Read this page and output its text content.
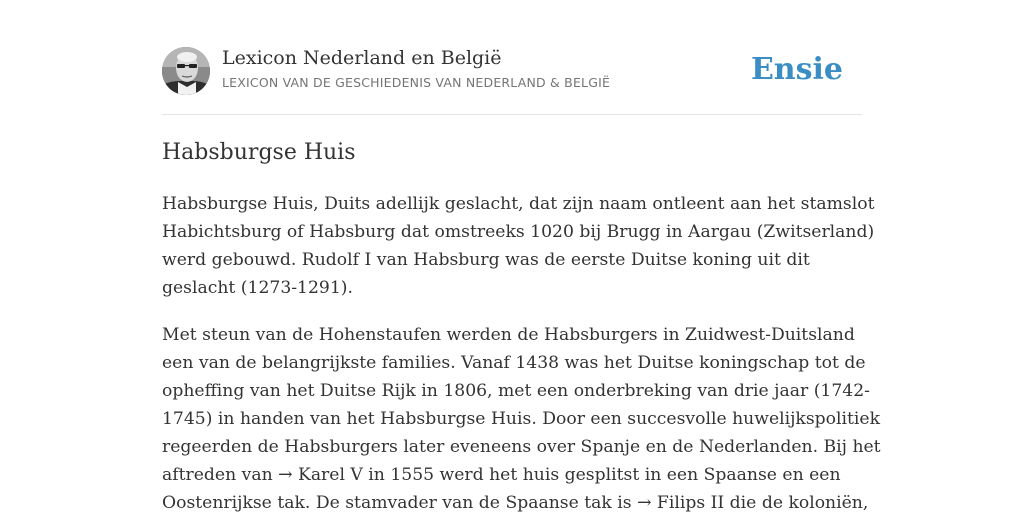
Lexicon Nederland en België
LEXICON VAN DE GESCHIEDENIS VAN NEDERLAND & BELGIË	Ensie
Habsburgse Huis

Habsburgse Huis, Duits adellijk geslacht, dat zijn naam ontleent aan het stamslot
Habichtsburg of Habsburg dat omstreeks 1020 bij Brugg in Aargau (Zwitserland)
werd gebouwd. Rudolf I van Habsburg was de eerste Duitse koning uit dit
geslacht (1273-1291).

Met steun van de Hohenstaufen werden de Habsburgers in Zuidwest-Duitsland
een van de belangrijkste families. Vanaf 1438 was het Duitse koningschap tot de
opheffing van het Duitse Rijk in 1806, met een onderbreking van drie jaar (1742-
1745) in handen van het Habsburgse Huis. Door een succesvolle huwelijkspolitiek
regeerden de Habsburgers later eveneens over Spanje en de Nederlanden. Bij het
aftreden van → Karel V in 1555 werd het huis gesplitst in een Spaanse en een
Oostenrijkse tak. De stamvader van de Spaanse tak is → Filips II die de koloniën,
